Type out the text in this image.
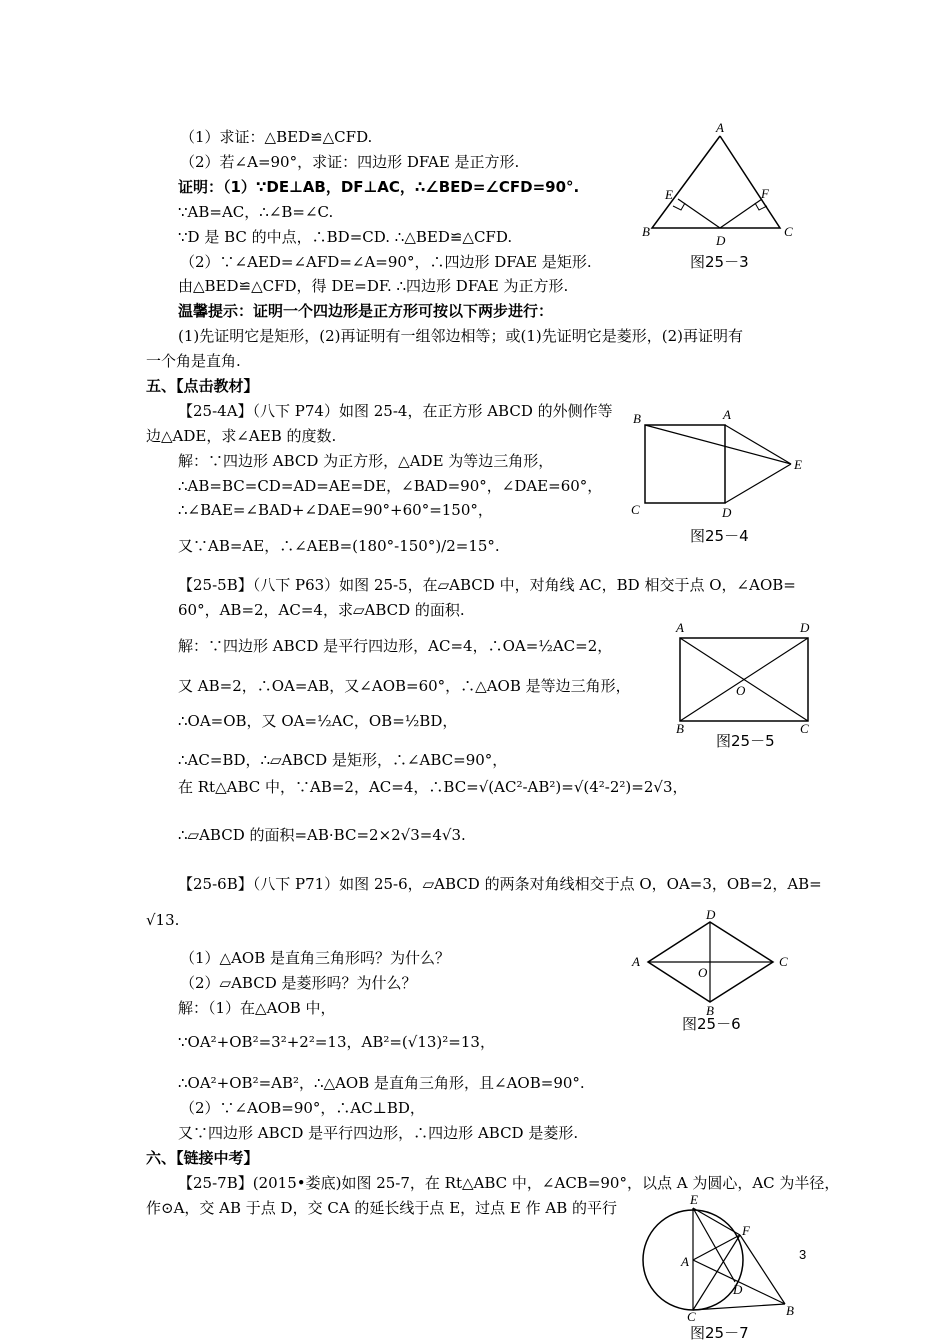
（1）求证：△BED≌△CFD.
（2）若∠A=90°，求证：四边形 DFAE 是正方形.
证明：（1）∵DE⊥AB，DF⊥AC，∴∠BED=∠CFD=90°.
∵AB=AC，∴∠B=∠C.
∵D 是 BC 的中点，∴BD=CD. ∴△BED≌△CFD.
（2）∵∠AED=∠AFD=∠A=90°，∴四边形 DFAE 是矩形.
由△BED≌△CFD，得 DE=DF. ∴四边形 DFAE 为正方形.
温馨提示：证明一个四边形是正方形可按以下两步进行：
(1)先证明它是矩形，(2)再证明有一组邻边相等；或(1)先证明它是菱形，(2)再证明有
一个角是直角.
五、【点击教材】
【25-4A】（八下 P74）如图 25-4，在正方形 ABCD 的外侧作等
边△ADE，求∠AEB 的度数.
解：∵四边形 ABCD 为正方形，△ADE 为等边三角形，
∴AB=BC=CD=AD=AE=DE，∠BAD=90°，∠DAE=60°，
∴∠BAE=∠BAD+∠DAE=90°+60°=150°，
又∵AB=AE，∴∠AEB=(180°-150°)/2=15°.
【25-5B】（八下 P63）如图 25-5，在▱ABCD 中，对角线 AC，BD 相交于点 O，∠AOB=
60°，AB=2，AC=4，求▱ABCD 的面积.
解：∵四边形 ABCD 是平行四边形，AC=4，∴OA=½AC=2，
又 AB=2，∴OA=AB，又∠AOB=60°，∴△AOB 是等边三角形，
∴OA=OB，又 OA=½AC，OB=½BD，
∴AC=BD，∴▱ABCD 是矩形，∴∠ABC=90°，
在 Rt△ABC 中，∵AB=2，AC=4，∴BC=√(AC²-AB²)=√(4²-2²)=2√3，
∴▱ABCD 的面积=AB·BC=2×2√3=4√3.
【25-6B】（八下 P71）如图 25-6，▱ABCD 的两条对角线相交于点 O，OA=3，OB=2，AB=
√13.
（1）△AOB 是直角三角形吗？为什么？
（2）▱ABCD 是菱形吗？为什么？
解：（1）在△AOB 中，
∵OA²+OB²=3²+2²=13，AB²=(√13)²=13，
∴OA²+OB²=AB²，∴△AOB 是直角三角形，且∠AOB=90°.
（2）∵∠AOB=90°，∴AC⊥BD，
又∵四边形 ABCD 是平行四边形，∴四边形 ABCD 是菱形.
六、【链接中考】
【25-7B】(2015•娄底)如图 25-7，在 Rt△ABC 中，∠ACB=90°，以点 A 为圆心，AC 为半径，
作⊙A，交 AB 于点 D，交 CA 的延长线于点 E，过点 E 作 AB 的平行
A
B	C
D
E	F
图25－3
A
B
C	D
E
图25－4
A
B	C
D
O
图25－5
A
B
C
D
O
图25－6
E
F
A
D
C	B
图25－7
3
